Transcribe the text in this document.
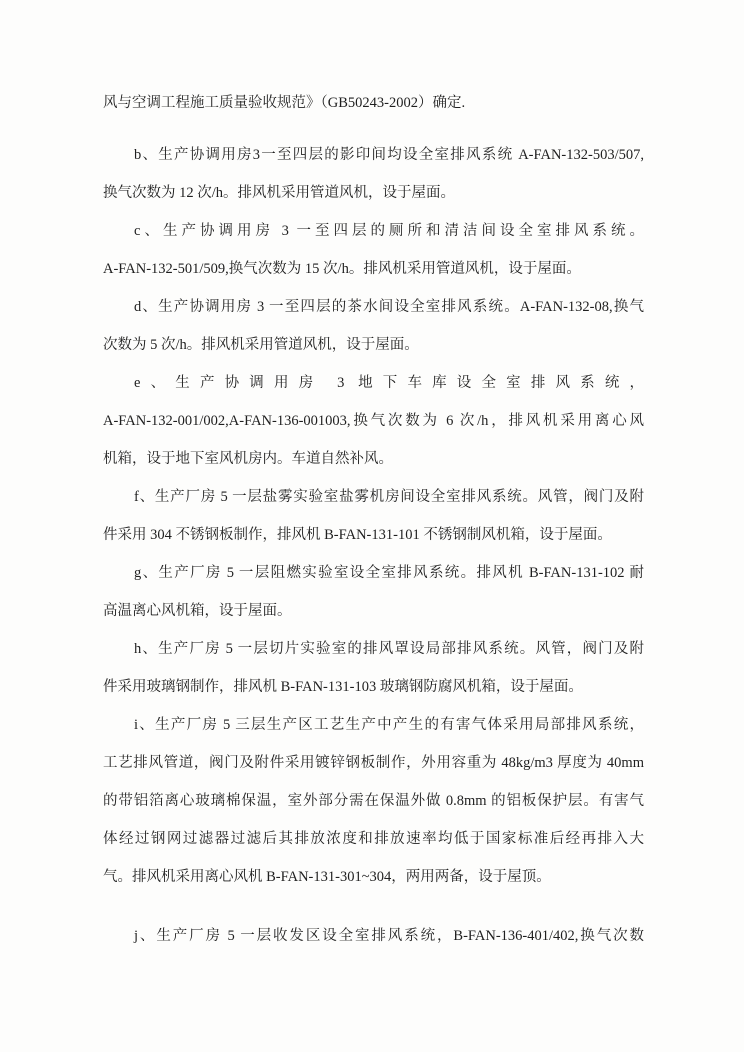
风与空调工程施工质量验收规范》（GB50243-2002）确定.
b、生产协调用房3一至四层的影印间均设全室排风系统 A-FAN-132-503/507,
换气次数为 12 次/h。排风机采用管道风机，设于屋面。
c、生产协调用房 3 一至四层的厕所和清洁间设全室排风系统。
A-FAN-132-501/509,换气次数为 15 次/h。排风机采用管道风机，设于屋面。
d、生产协调用房 3 一至四层的茶水间设全室排风系统。A-FAN-132-08,换气
次数为 5 次/h。排风机采用管道风机，设于屋面。
e、生产协调用房 3 地下车库设全室排风系统，
A-FAN-132-001/002,A-FAN-136-001003,换气次数为 6 次/h，排风机采用离心风
机箱，设于地下室风机房内。车道自然补风。
f、生产厂房 5 一层盐雾实验室盐雾机房间设全室排风系统。风管，阀门及附
件采用 304 不锈钢板制作，排风机 B-FAN-131-101 不锈钢制风机箱，设于屋面。
g、生产厂房 5 一层阻燃实验室设全室排风系统。排风机 B-FAN-131-102 耐
高温离心风机箱，设于屋面。
h、生产厂房 5 一层切片实验室的排风罩设局部排风系统。风管，阀门及附
件采用玻璃钢制作，排风机 B-FAN-131-103 玻璃钢防腐风机箱，设于屋面。
i、生产厂房 5 三层生产区工艺生产中产生的有害气体采用局部排风系统，
工艺排风管道，阀门及附件采用镀锌钢板制作，外用容重为 48kg/m3 厚度为 40mm
的带铝箔离心玻璃棉保温，室外部分需在保温外做 0.8mm 的铝板保护层。有害气
体经过钢网过滤器过滤后其排放浓度和排放速率均低于国家标准后经再排入大
气。排风机采用离心风机 B-FAN-131-301~304，两用两备，设于屋顶。
j、生产厂房 5 一层收发区设全室排风系统，B-FAN-136-401/402,换气次数
